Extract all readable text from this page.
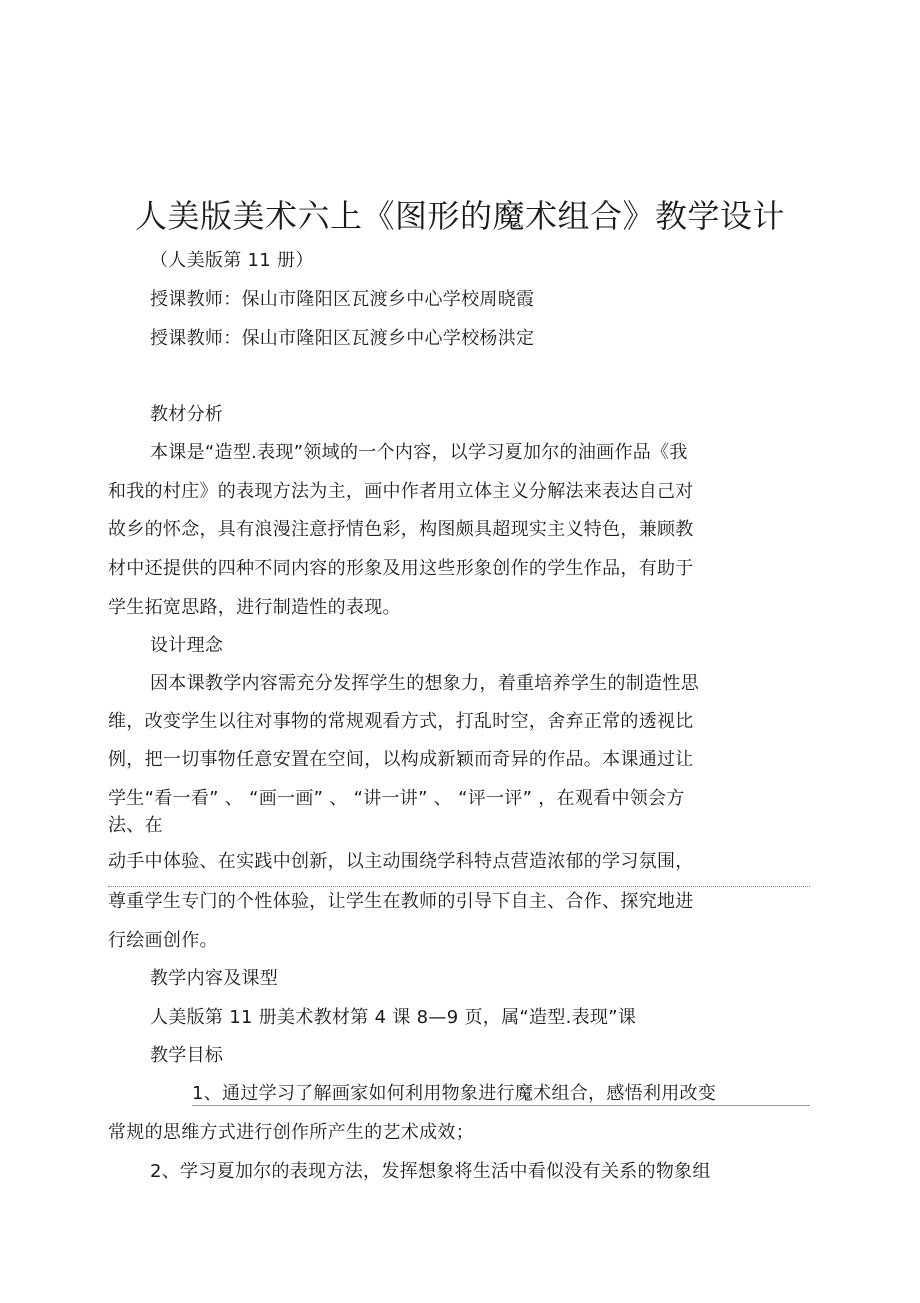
人美版美术六上《图形的魔术组合》教学设计
（人美版第 11 册）
授课教师：保山市隆阳区瓦渡乡中心学校周晓霞
授课教师：保山市隆阳区瓦渡乡中心学校杨洪定
教材分析
本课是“造型.表现”领域的一个内容，以学习夏加尔的油画作品《我
和我的村庄》的表现方法为主，画中作者用立体主义分解法来表达自己对
故乡的怀念，具有浪漫注意抒情色彩，构图颇具超现实主义特色，兼顾教
材中还提供的四种不同内容的形象及用这些形象创作的学生作品，有助于
学生拓宽思路，进行制造性的表现。
设计理念
因本课教学内容需充分发挥学生的想象力，着重培养学生的制造性思
维，改变学生以往对事物的常规观看方式，打乱时空，舍弃正常的透视比
例，把一切事物任意安置在空间，以构成新颖而奇异的作品。本课通过让
学生“看一看” 、 “画一画” 、 “讲一讲” 、 “评一评” ，在观看中领会方
法、在
动手中体验、在实践中创新，以主动围绕学科特点营造浓郁的学习氛围，
尊重学生专门的个性体验，让学生在教师的引导下自主、合作、探究地进
行绘画创作。
教学内容及课型
人美版第 11 册美术教材第 4 课 8—9 页，属“造型.表现”课
教学目标
1、通过学习了解画家如何利用物象进行魔术组合，感悟利用改变
常规的思维方式进行创作所产生的艺术成效；
2、学习夏加尔的表现方法，发挥想象将生活中看似没有关系的物象组
